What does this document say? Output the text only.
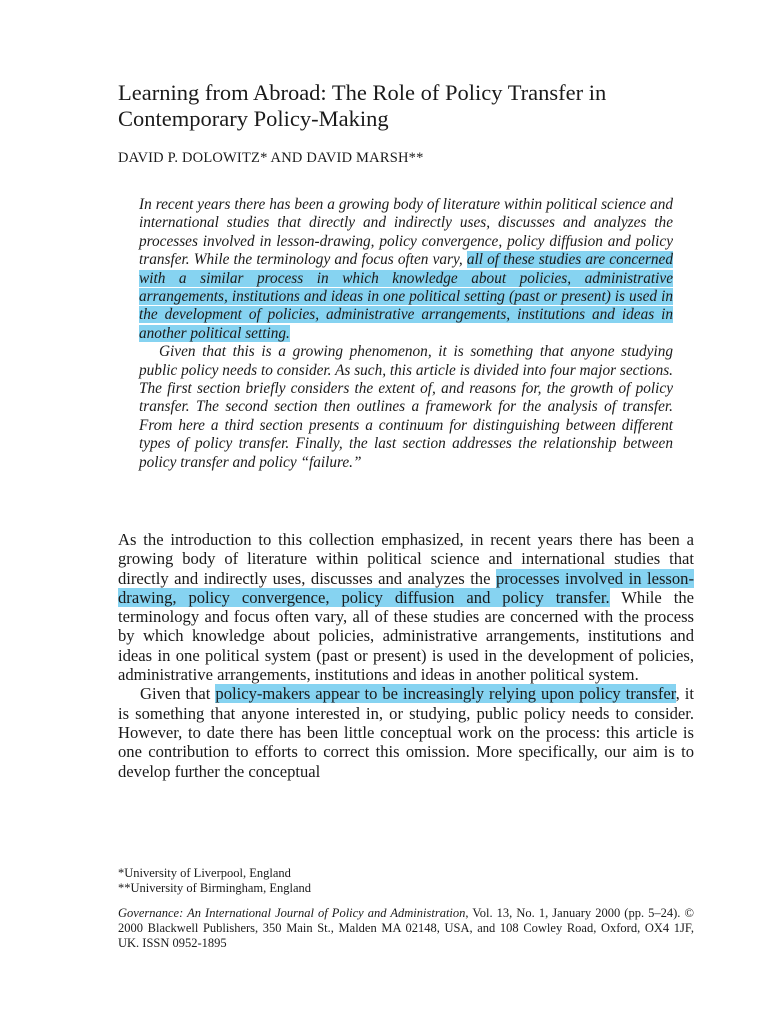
Learning from Abroad: The Role of Policy Transfer in Contemporary Policy-Making
DAVID P. DOLOWITZ* AND DAVID MARSH**

In recent years there has been a growing body of literature within political science and international studies that directly and indirectly uses, discusses and analyzes the processes involved in lesson-drawing, policy convergence, policy diffusion and policy transfer. While the terminology and focus often vary, all of these studies are concerned with a similar process in which knowledge about policies, administrative arrangements, institutions and ideas in one political setting (past or present) is used in the development of policies, administrative arrangements, institutions and ideas in another political setting.

Given that this is a growing phenomenon, it is something that anyone studying public policy needs to consider. As such, this article is divided into four major sections. The first section briefly considers the extent of, and reasons for, the growth of policy transfer. The second section then outlines a framework for the analysis of transfer. From here a third section presents a continuum for distinguishing between different types of policy transfer. Finally, the last section addresses the relationship between policy transfer and policy “failure.”

As the introduction to this collection emphasized, in recent years there has been a growing body of literature within political science and international studies that directly and indirectly uses, discusses and analyzes the processes involved in lesson-drawing, policy convergence, policy diffusion and policy transfer. While the terminology and focus often vary, all of these studies are concerned with the process by which knowledge about policies, administrative arrangements, institutions and ideas in one political system (past or present) is used in the development of policies, administrative arrangements, institutions and ideas in another political system.

Given that policy-makers appear to be increasingly relying upon policy transfer, it is something that anyone interested in, or studying, public policy needs to consider. However, to date there has been little conceptual work on the process: this article is one contribution to efforts to correct this omission. More specifically, our aim is to develop further the conceptual

*University of Liverpool, England
**University of Birmingham, England
Governance: An International Journal of Policy and Administration, Vol. 13, No. 1, January 2000 (pp. 5–24). © 2000 Blackwell Publishers, 350 Main St., Malden MA 02148, USA, and 108 Cowley Road, Oxford, OX4 1JF, UK. ISSN 0952-1895
